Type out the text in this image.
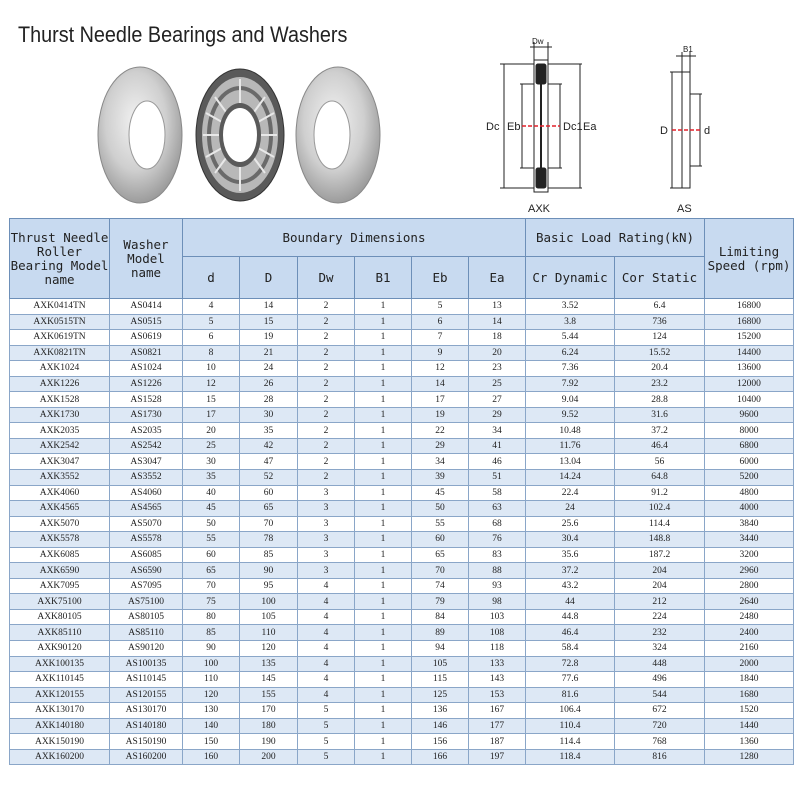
Thurst Needle Bearings and Washers	Dw
Dc Eb	Dc1 Ea
AXK
B1
D	d
AS
Thrust Needle Roller Bearing Model name	Washer Model name	Boundary Dimensions						Basic Load Rating(kN)		Limiting Speed (rpm)
		d	D	Dw	B1	Eb	Ea	Cr Dynamic	Cor Static	
AXK0414TN	AS0414	4	14	2	1	5	13	3.52	6.4	16800
AXK0515TN	AS0515	5	15	2	1	6	14	3.8	736	16800
AXK0619TN	AS0619	6	19	2	1	7	18	5.44	124	15200
AXK0821TN	AS0821	8	21	2	1	9	20	6.24	15.52	14400
AXK1024	AS1024	10	24	2	1	12	23	7.36	20.4	13600
AXK1226	AS1226	12	26	2	1	14	25	7.92	23.2	12000
AXK1528	AS1528	15	28	2	1	17	27	9.04	28.8	10400
AXK1730	AS1730	17	30	2	1	19	29	9.52	31.6	9600
AXK2035	AS2035	20	35	2	1	22	34	10.48	37.2	8000
AXK2542	AS2542	25	42	2	1	29	41	11.76	46.4	6800
AXK3047	AS3047	30	47	2	1	34	46	13.04	56	6000
AXK3552	AS3552	35	52	2	1	39	51	14.24	64.8	5200
AXK4060	AS4060	40	60	3	1	45	58	22.4	91.2	4800
AXK4565	AS4565	45	65	3	1	50	63	24	102.4	4000
AXK5070	AS5070	50	70	3	1	55	68	25.6	114.4	3840
AXK5578	AS5578	55	78	3	1	60	76	30.4	148.8	3440
AXK6085	AS6085	60	85	3	1	65	83	35.6	187.2	3200
AXK6590	AS6590	65	90	3	1	70	88	37.2	204	2960
AXK7095	AS7095	70	95	4	1	74	93	43.2	204	2800
AXK75100	AS75100	75	100	4	1	79	98	44	212	2640
AXK80105	AS80105	80	105	4	1	84	103	44.8	224	2480
AXK85110	AS85110	85	110	4	1	89	108	46.4	232	2400
AXK90120	AS90120	90	120	4	1	94	118	58.4	324	2160
AXK100135	AS100135	100	135	4	1	105	133	72.8	448	2000
AXK110145	AS110145	110	145	4	1	115	143	77.6	496	1840
AXK120155	AS120155	120	155	4	1	125	153	81.6	544	1680
AXK130170	AS130170	130	170	5	1	136	167	106.4	672	1520
AXK140180	AS140180	140	180	5	1	146	177	110.4	720	1440
AXK150190	AS150190	150	190	5	1	156	187	114.4	768	1360
AXK160200	AS160200	160	200	5	1	166	197	118.4	816	1280
